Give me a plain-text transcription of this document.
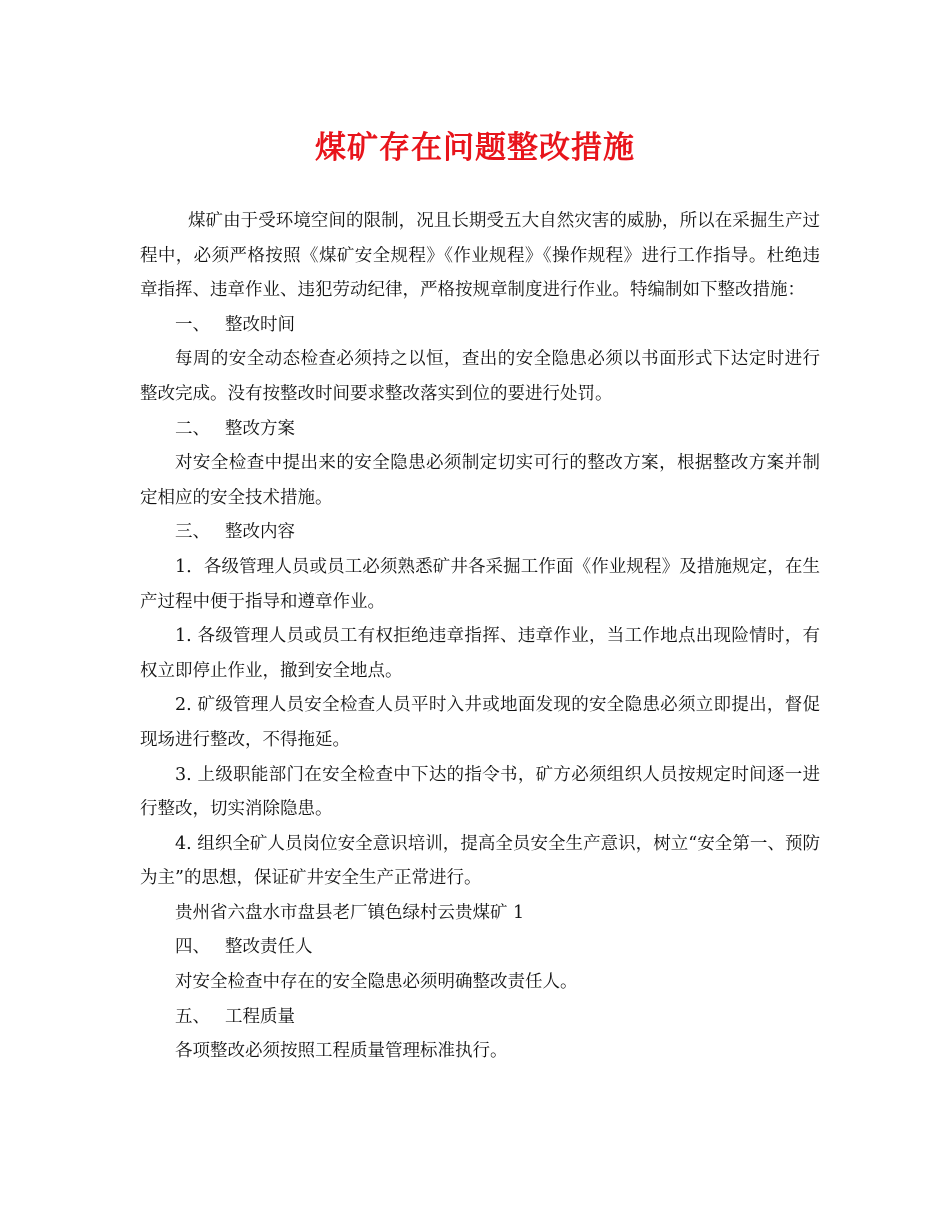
煤矿存在问题整改措施

煤矿由于受环境空间的限制，况且长期受五大自然灾害的威胁，所以在采掘生产过程中，必须严格按照《煤矿安全规程》《作业规程》《操作规程》进行工作指导。杜绝违章指挥、违章作业、违犯劳动纪律，严格按规章制度进行作业。特编制如下整改措施：

一、 整改时间

每周的安全动态检查必须持之以恒，查出的安全隐患必须以书面形式下达定时进行整改完成。没有按整改时间要求整改落实到位的要进行处罚。

二、 整改方案

对安全检查中提出来的安全隐患必须制定切实可行的整改方案，根据整改方案并制定相应的安全技术措施。

三、 整改内容

1．各级管理人员或员工必须熟悉矿井各采掘工作面《作业规程》及措施规定，在生产过程中便于指导和遵章作业。

1. 各级管理人员或员工有权拒绝违章指挥、违章作业，当工作地点出现险情时，有权立即停止作业，撤到安全地点。

2. 矿级管理人员安全检查人员平时入井或地面发现的安全隐患必须立即提出，督促现场进行整改，不得拖延。

3. 上级职能部门在安全检查中下达的指令书，矿方必须组织人员按规定时间逐一进行整改，切实消除隐患。

4. 组织全矿人员岗位安全意识培训，提高全员安全生产意识，树立“安全第一、预防为主”的思想，保证矿井安全生产正常进行。

贵州省六盘水市盘县老厂镇色绿村云贵煤矿 1

四、 整改责任人

对安全检查中存在的安全隐患必须明确整改责任人。

五、 工程质量

各项整改必须按照工程质量管理标准执行。
